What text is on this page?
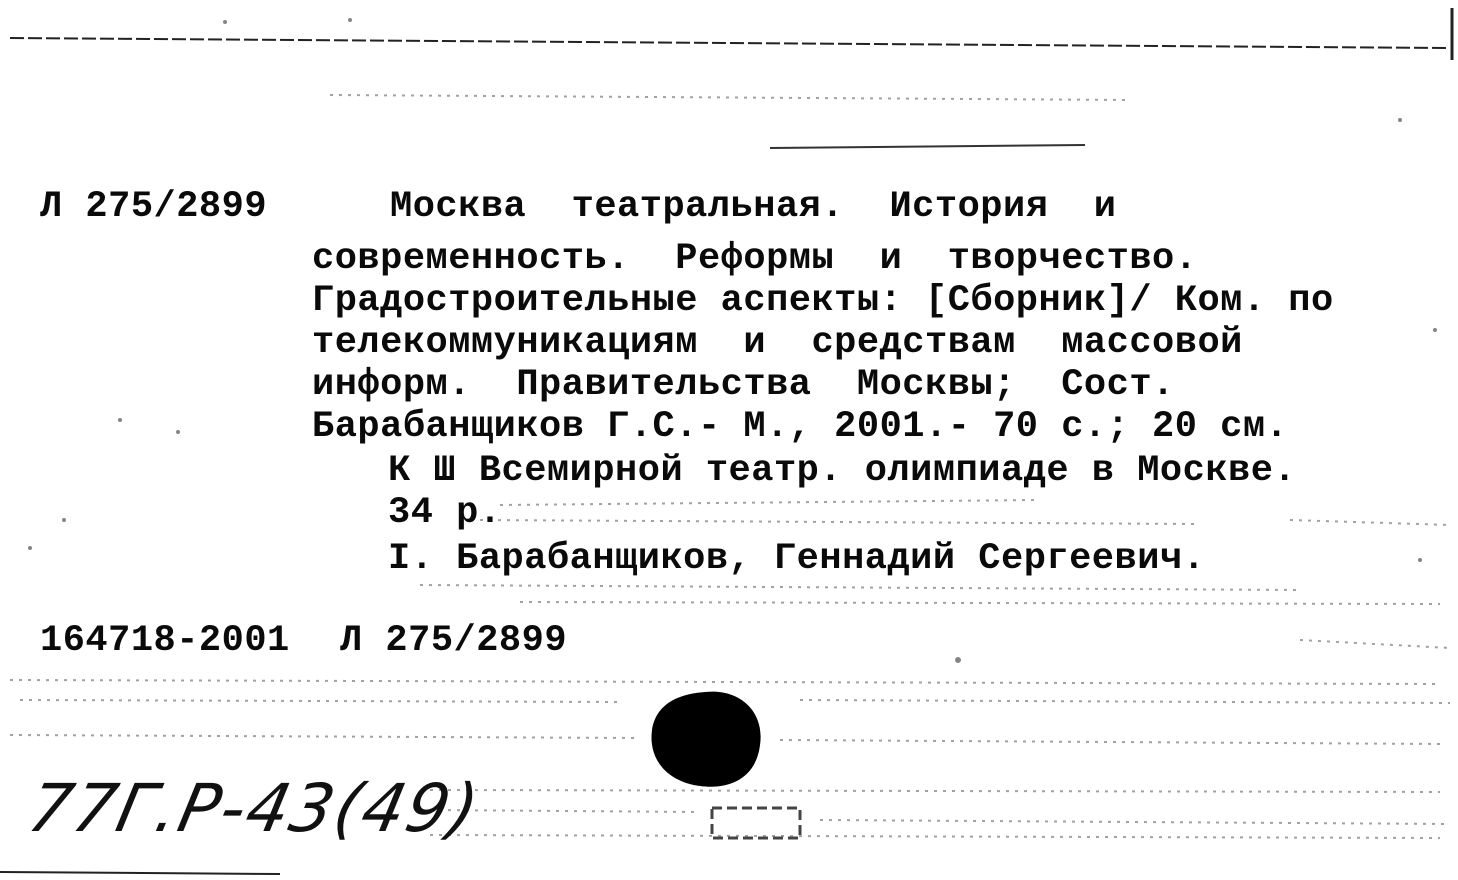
Л 275/2899	Москва  театральная.  История  и
современность.  Реформы  и  творчество.
Градостроительные аспекты: [Сборник]/ Ком. по
телекоммуникациям  и  средствам  массовой
информ.  Правительства  Москвы;  Сост.
Барабанщиков Г.С.- М., 2001.- 70 с.; 20 см.
К Ш Всемирной театр. олимпиаде в Москве.
34 р.
I. Барабанщиков, Геннадий Сергеевич.
164718-2001 Л 275/2899
77Г.Р-43(49)
